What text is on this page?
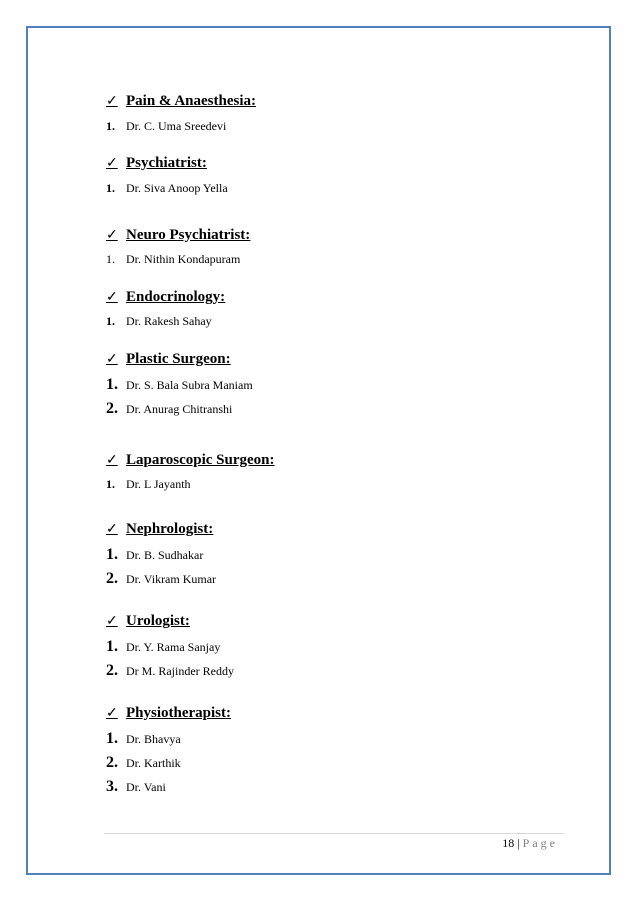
✓ Pain & Anaesthesia:
1. Dr. C. Uma Sreedevi
✓ Psychiatrist:
1. Dr. Siva Anoop Yella
✓ Neuro Psychiatrist:
1. Dr. Nithin Kondapuram
✓ Endocrinology:
1. Dr. Rakesh Sahay
✓ Plastic Surgeon:
1. Dr. S. Bala Subra Maniam
2. Dr. Anurag Chitranshi
✓ Laparoscopic Surgeon:
1. Dr. L Jayanth
✓ Nephrologist:
1. Dr. B. Sudhakar
2. Dr. Vikram Kumar
✓ Urologist:
1. Dr. Y. Rama Sanjay
2. Dr M. Rajinder Reddy
✓ Physiotherapist:
1. Dr. Bhavya
2. Dr. Karthik
3. Dr. Vani
18 | Page
